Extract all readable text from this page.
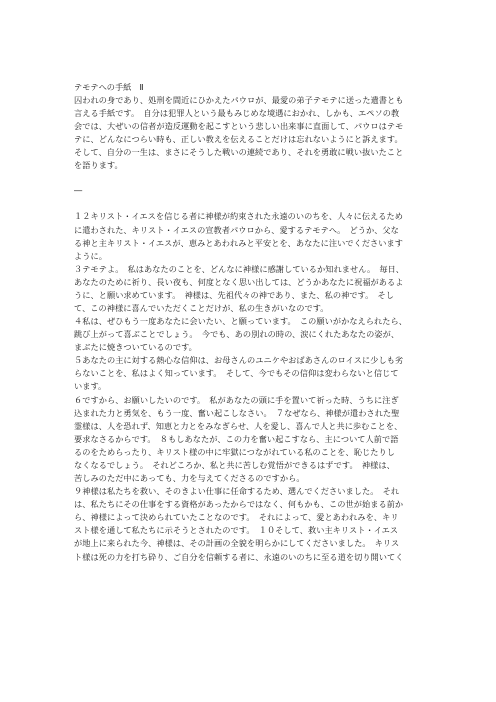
テモテへの手紙　Ⅱ

囚われの身であり、処刑を間近にひかえたパウロが、最愛の弟子テモテに送った遺書とも
言える手紙です。　自分は犯罪人という最もみじめな境遇におかれ、しかも、エペソの教
会では、大ぜいの信者が造反運動を起こすという悲しい出来事に直面して、パウロはテモ
テに、どんなにつらい時も、正しい教えを伝えることだけは忘れないようにと訴えます。
そして、自分の一生は、まさにそうした戦いの連続であり、それを勇敢に戦い抜いたこと
を語ります。

―

１２キリスト・イエスを信じる者に神様が約束された永遠のいのちを、人々に伝えるため
に遣わされた、キリスト・イエスの宣教者パウロから、愛するテモテへ。　どうか、父な
る神と主キリスト・イエスが、恵みとあわれみと平安とを、あなたに注いでくださいます
ように。

３テモテよ。　私はあなたのことを、どんなに神様に感謝しているか知れません。　毎日、
あなたのために祈り、長い夜も、何度となく思い出しては、どうかあなたに祝福があるよ
うに、と願い求めています。　神様は、先祖代々の神であり、また、私の神です。　そし
て、この神様に喜んでいただくことだけが、私の生きがいなのです。

４私は、ぜひもう一度あなたに会いたい、と願っています。　この願いがかなえられたら、
跳び上がって喜ぶことでしょう。　今でも、あの別れの時の、涙にくれたあなたの姿が、
まぶたに焼きついているのです。

５あなたの主に対する熱心な信仰は、お母さんのユニケやおばあさんのロイスに少しも劣
らないことを、私はよく知っています。　そして、今でもその信仰は変わらないと信じて
います。

６ですから、お願いしたいのです。　私があなたの頭に手を置いて祈った時、うちに注ぎ
込まれた力と勇気を、もう一度、奮い起こしなさい。　７なぜなら、神様が遣わされた聖
霊様は、人を恐れず、知恵と力とをみなぎらせ、人を愛し、喜んで人と共に歩むことを、
要求なさるからです。　８もしあなたが、この力を奮い起こすなら、主について人前で語
るのをためらったり、キリスト様の中に牢獄につながれている私のことを、恥じたりし
なくなるでしょう。　それどころか、私と共に苦しむ覚悟ができるはずです。　神様は、
苦しみのただ中にあっても、力を与えてくださるのですから。

９神様は私たちを救い、そのきよい仕事に任命するため、選んでくださいました。　それ
は、私たちにその仕事をする資格があったからではなく、何もかも、この世が始まる前か
ら、神様によって決められていたことなのです。　それによって、愛とあわれみを、キリ
スト様を通して私たちに示そうとされたのです。　１０そして、救い主キリスト・イエス
が地上に来られた今、神様は、その計画の全貌を明らかにしてくださいました。　キリス
ト様は死の力を打ち砕り、ご自分を信頼する者に、永遠のいのちに至る道を切り開いてく
